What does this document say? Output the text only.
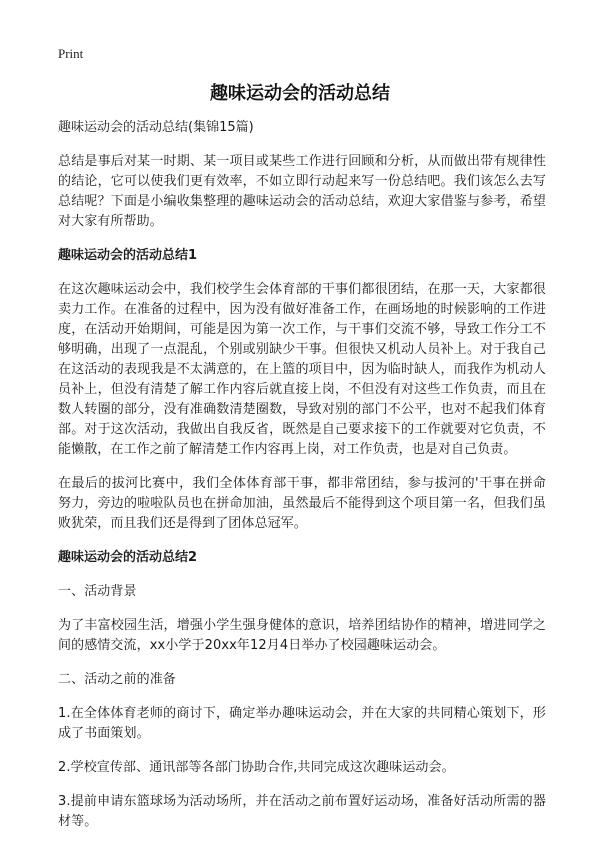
Print
趣味运动会的活动总结
趣味运动会的活动总结(集锦15篇)

总结是事后对某一时期、某一项目或某些工作进行回顾和分析，从而做出带有规律性的结论，它可以使我们更有效率，不如立即行动起来写一份总结吧。我们该怎么去写总结呢？下面是小编收集整理的趣味运动会的活动总结，欢迎大家借鉴与参考，希望对大家有所帮助。

趣味运动会的活动总结1

在这次趣味运动会中，我们校学生会体育部的干事们都很团结，在那一天，大家都很卖力工作。在准备的过程中，因为没有做好准备工作，在画场地的时候影响的工作进度，在活动开始期间，可能是因为第一次工作，与干事们交流不够，导致工作分工不够明确，出现了一点混乱，个别或别缺少干事。但很快又机动人员补上。对于我自己在这活动的表现我是不太满意的，在上篮的项目中，因为临时缺人，而我作为机动人员补上，但没有清楚了解工作内容后就直接上岗，不但没有对这些工作负责，而且在数人转圈的部分，没有准确数清楚圈数，导致对别的部门不公平，也对不起我们体育部。对于这次活动，我做出自我反省，既然是自己要求接下的工作就要对它负责，不能懒散，在工作之前了解清楚工作内容再上岗，对工作负责，也是对自己负责。

在最后的拔河比赛中，我们全体体育部干事，都非常团结，参与拔河的'干事在拼命努力，旁边的啦啦队员也在拼命加油，虽然最后不能得到这个项目第一名，但我们虽败犹荣，而且我们还是得到了团体总冠军。

趣味运动会的活动总结2

一、活动背景

为了丰富校园生活，增强小学生强身健体的意识，培养团结协作的精神，增进同学之间的感情交流，xx小学于20xx年12月4日举办了校园趣味运动会。

二、活动之前的准备

1.在全体体育老师的商讨下，确定举办趣味运动会，并在大家的共同精心策划下，形成了书面策划。

2.学校宣传部、通讯部等各部门协助合作,共同完成这次趣味运动会。

3.提前申请东篮球场为活动场所，并在活动之前布置好运动场，准备好活动所需的器材等。
